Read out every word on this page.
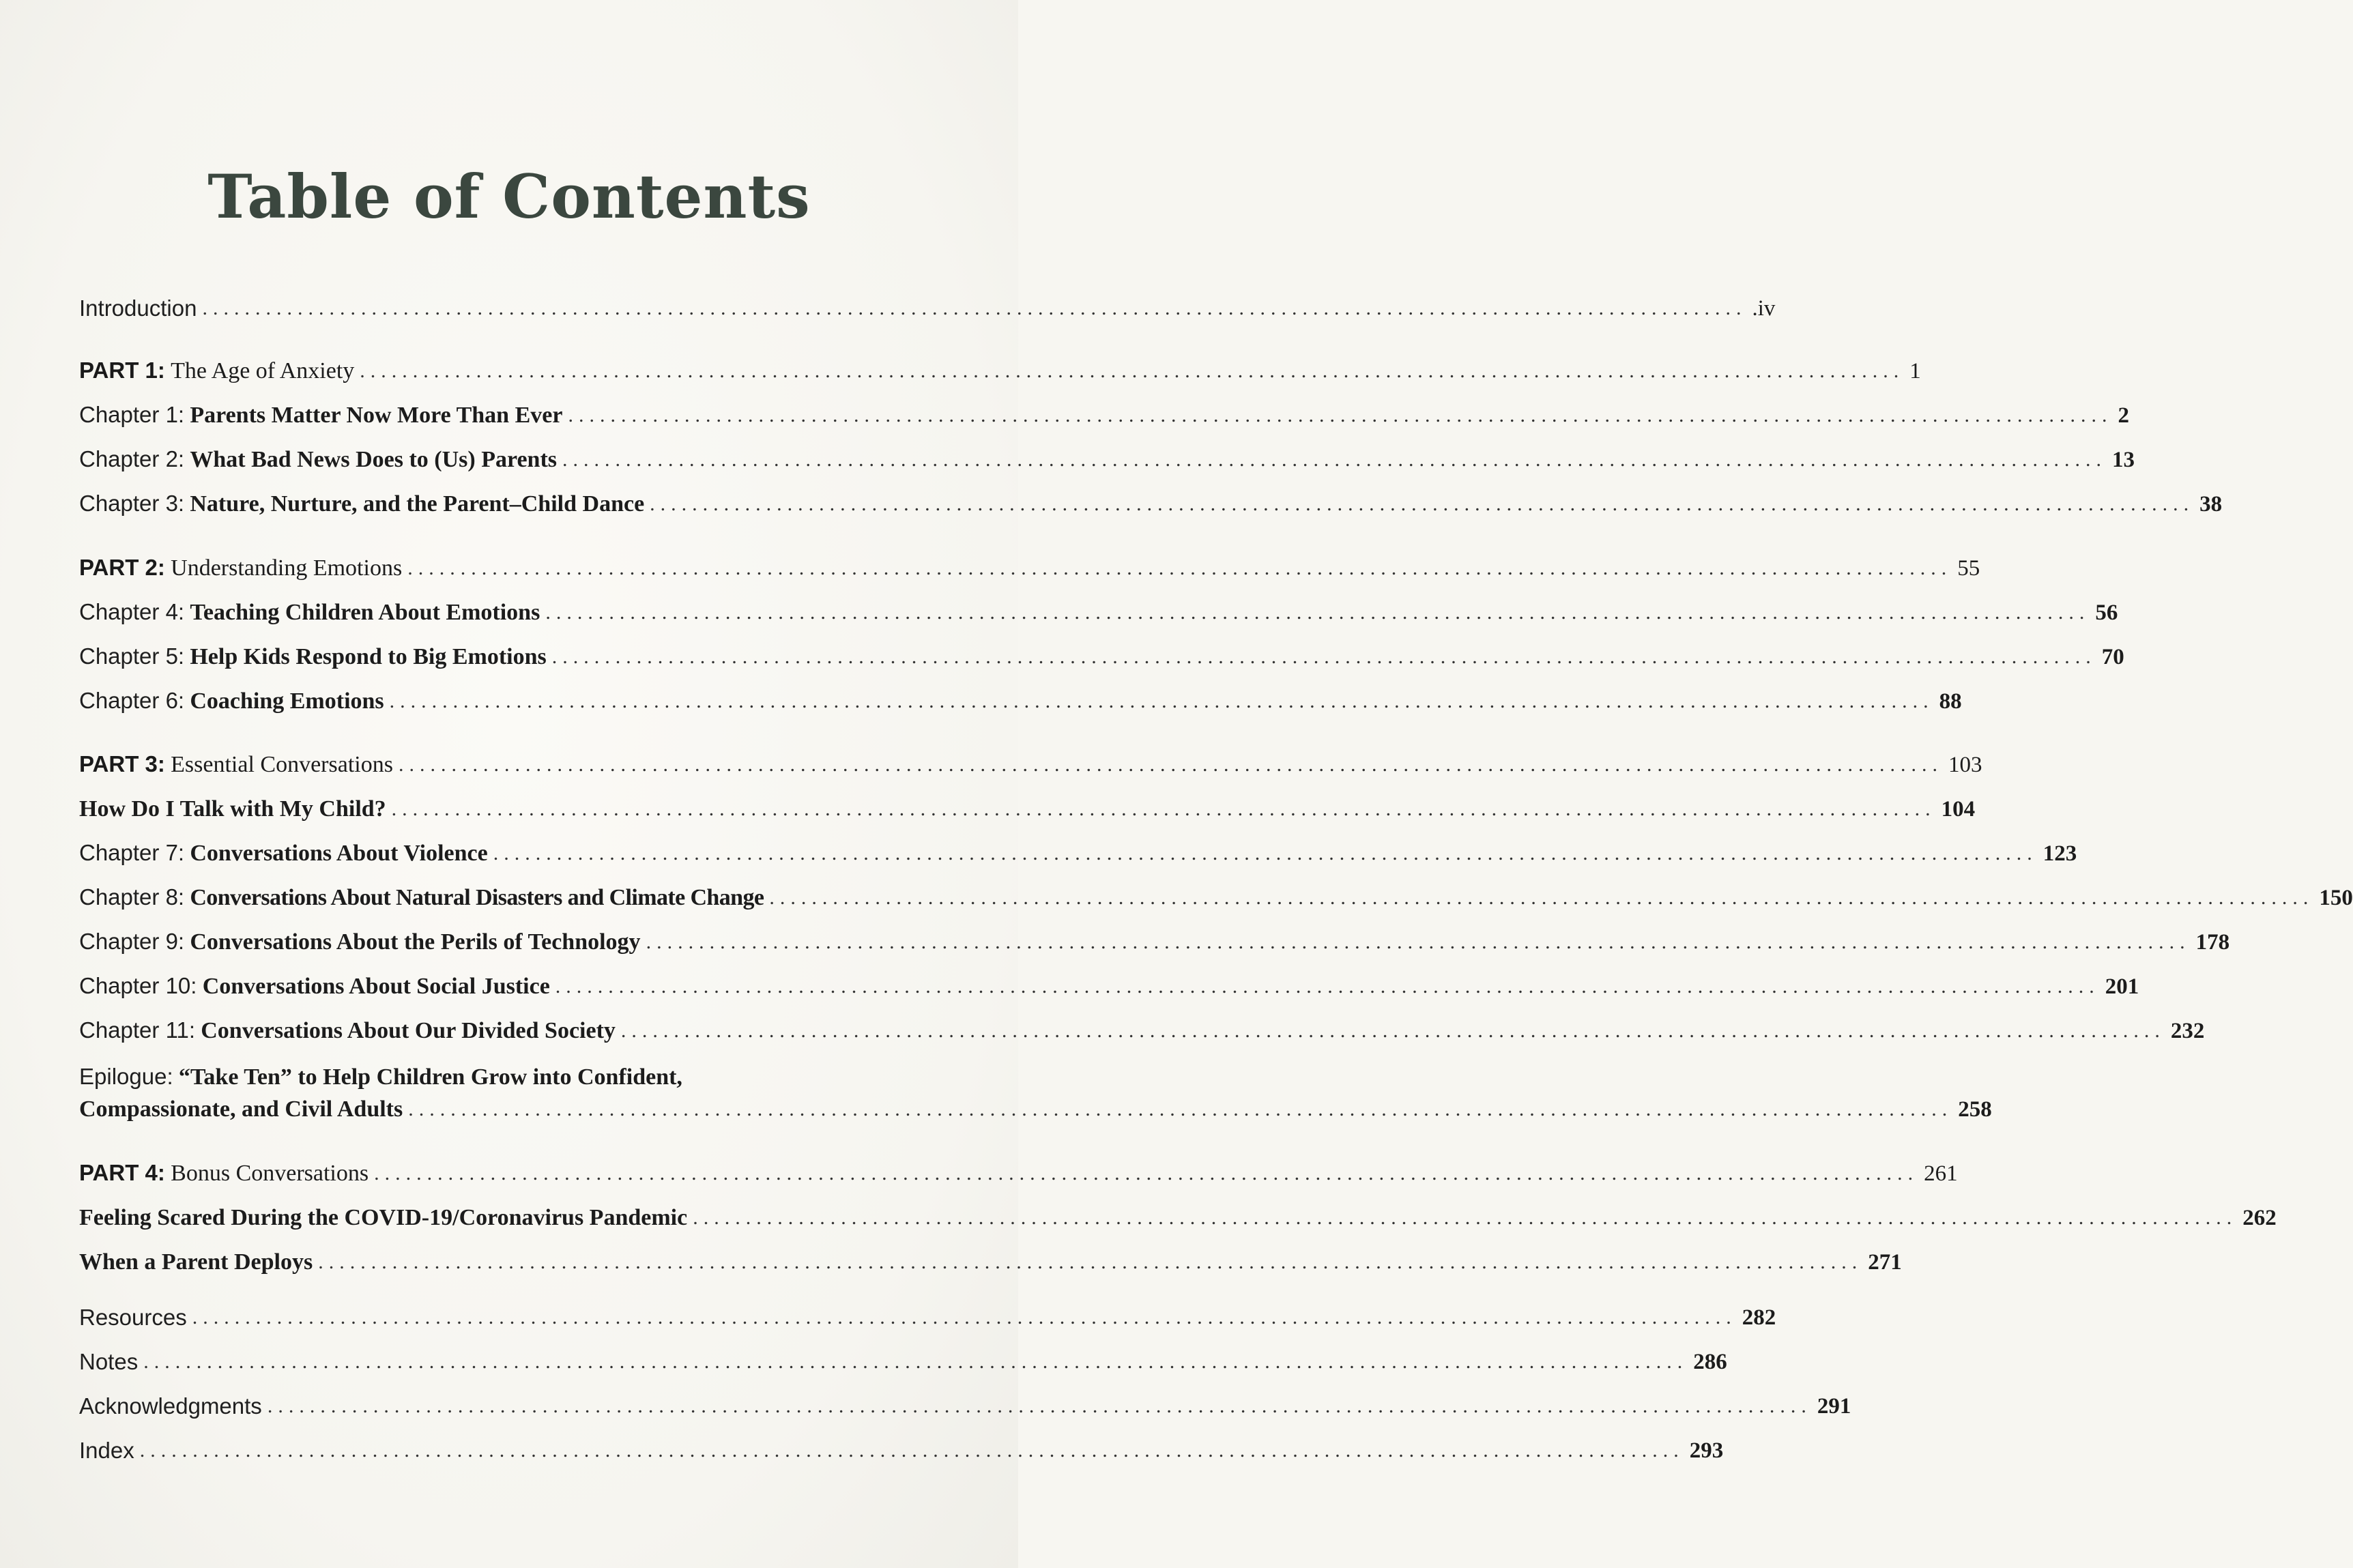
Table of Contents
Introduction .................................................................................................................................................. .iv
PART 1:
The Age of Anxiety .................................................................................................................................................. 1
Chapter 1:
Parents Matter Now More Than Ever .................................................................................................................................................. 2
Chapter 2:
What Bad News Does to (Us) Parents .................................................................................................................................................. 13
Chapter 3:
Nature, Nurture, and the Parent–Child Dance .................................................................................................................................................. 38
PART 2:
Understanding Emotions .................................................................................................................................................. 55
Chapter 4:
Teaching Children About Emotions .................................................................................................................................................. 56
Chapter 5:
Help Kids Respond to Big Emotions .................................................................................................................................................. 70
Chapter 6:
Coaching Emotions .................................................................................................................................................. 88
PART 3:
Essential Conversations .................................................................................................................................................. 103
How Do I Talk with My Child? .................................................................................................................................................. 104
Chapter 7:
Conversations About Violence .................................................................................................................................................. 123
Chapter 8:
Conversations About Natural Disasters and Climate Change .................................................................................................................................................. 150
Chapter 9:
Conversations About the Perils of Technology .................................................................................................................................................. 178
Chapter 10:
Conversations About Social Justice .................................................................................................................................................. 201
Chapter 11:
Conversations About Our Divided Society .................................................................................................................................................. 232
Epilogue: “Take Ten” to Help Children Grow into Confident,
Compassionate, and Civil Adults .................................................................................................................................................. 258
PART 4:
Bonus Conversations .................................................................................................................................................. 261
Feeling Scared During the COVID-19/Coronavirus Pandemic .................................................................................................................................................. 262
When a Parent Deploys .................................................................................................................................................. 271
Resources .................................................................................................................................................. 282
Notes .................................................................................................................................................. 286
Acknowledgments .................................................................................................................................................. 291
Index .................................................................................................................................................. 293
